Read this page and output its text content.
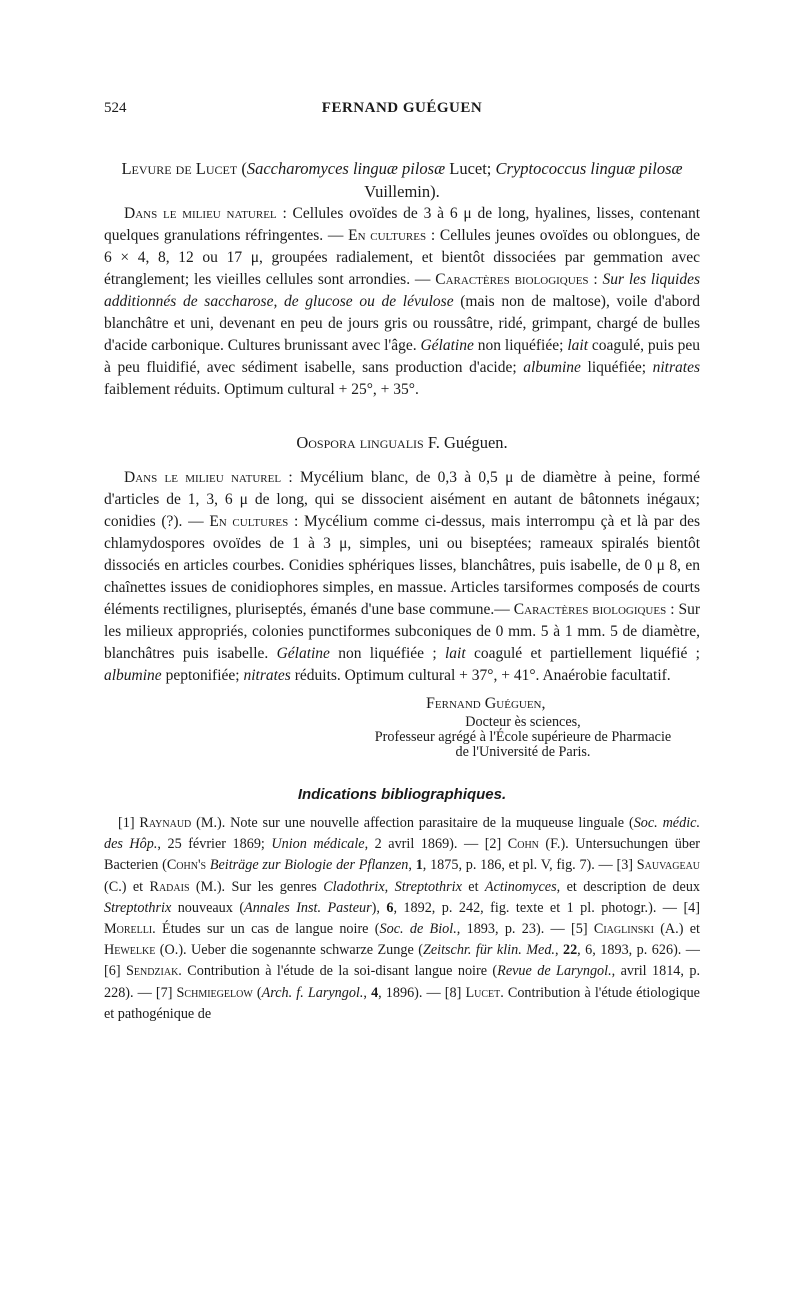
524	FERNAND GUÉGUEN
Levure de Lucet (Saccharomyces linguæ pilosæ Lucet; Cryptococcus linguæ pilosæ Vuillemin).

Dans le milieu naturel : Cellules ovoïdes de 3 à 6 μ de long, hyalines, lisses, contenant quelques granulations réfringentes. — En cultures : Cellules jeunes ovoïdes ou oblongues, de 6 × 4, 8, 12 ou 17 μ, groupées radialement, et bientôt dissociées par gemmation avec étranglement; les vieilles cellules sont arrondies. — Caractères biologiques : Sur les liquides additionnés de saccharose, de glucose ou de lévulose (mais non de maltose), voile d'abord blanchâtre et uni, devenant en peu de jours gris ou roussâtre, ridé, grimpant, chargé de bulles d'acide carbonique. Cultures brunissant avec l'âge. Gélatine non liquéfiée; lait coagulé, puis peu à peu fluidifié, avec sédiment isabelle, sans production d'acide; albumine liquéfiée; nitrates faiblement réduits. Optimum cultural + 25°, + 35°.

Oospora lingualis F. Guéguen.

Dans le milieu naturel : Mycélium blanc, de 0,3 à 0,5 μ de diamètre à peine, formé d'articles de 1, 3, 6 μ de long, qui se dissocient aisément en autant de bâtonnets inégaux; conidies (?). — En cultures : Mycélium comme ci-dessus, mais interrompu çà et là par des chlamydospores ovoïdes de 1 à 3 μ, simples, uni ou biseptées; rameaux spiralés bientôt dissociés en articles courbes. Conidies sphériques lisses, blanchâtres, puis isabelle, de 0 μ 8, en chaînettes issues de conidiophores simples, en massue. Articles tarsiformes composés de courts éléments rectilignes, pluriseptés, émanés d'une base commune.— Caractères biologiques : Sur les milieux appropriés, colonies punctiformes subconiques de 0 mm. 5 à 1 mm. 5 de diamètre, blanchâtres puis isabelle. Gélatine non liquéfiée ; lait coagulé et partiellement liquéfié ; albumine peptonifiée; nitrates réduits. Optimum cultural + 37°, + 41°. Anaérobie facultatif.

Fernand Guéguen,
Docteur ès sciences,
Professeur agrégé à l'École supérieure de Pharmacie
de l'Université de Paris.
Indications bibliographiques.

[1] Raynaud (M.). Note sur une nouvelle affection parasitaire de la muqueuse linguale (Soc. médic. des Hôp., 25 février 1869; Union médicale, 2 avril 1869). — [2] Cohn (F.). Untersuchungen über Bacterien (Cohn's Beiträge zur Biologie der Pflanzen, 1, 1875, p. 186, et pl. V, fig. 7). — [3] Sauvageau (C.) et Radais (M.). Sur les genres Cladothrix, Streptothrix et Actinomyces, et description de deux Streptothrix nouveaux (Annales Inst. Pasteur), 6, 1892, p. 242, fig. texte et 1 pl. photogr.). — [4] Morelli. Études sur un cas de langue noire (Soc. de Biol., 1893, p. 23). — [5] Ciaglinski (A.) et Hewelke (O.). Ueber die sogenannte schwarze Zunge (Zeitschr. für klin. Med., 22, 6, 1893, p. 626). — [6] Sendziak. Contribution à l'étude de la soi-disant langue noire (Revue de Laryngol., avril 1814, p. 228). — [7] Schmiegelow (Arch. f. Laryngol., 4, 1896). — [8] Lucet. Contribution à l'étude étiologique et pathogénique de
